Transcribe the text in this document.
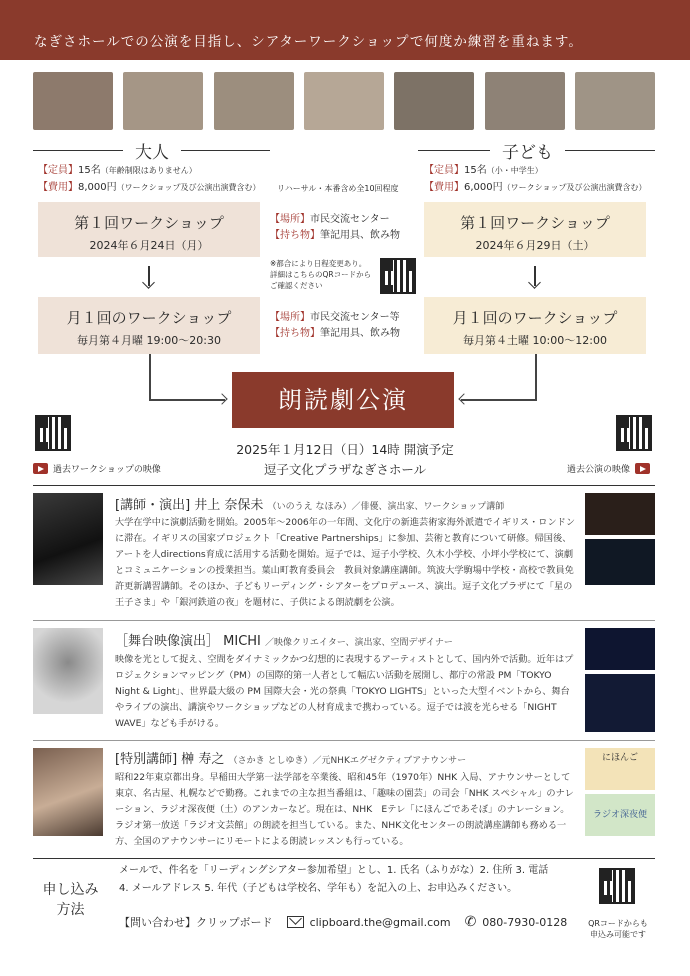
なぎさホールでの公演を目指し、シアターワークショップで何度か練習を重ねます。
大人	子ども
【定員】15名（年齢制限はありません）
【費用】8,000円（ワークショップ及び公演出演費含む） リハーサル・本番含め全10回程度
【定員】15名（小・中学生）
【費用】6,000円（ワークショップ及び公演出演費含む）
第１回ワークショップ
2024年６月24日（月）
第１回ワークショップ
2024年６月29日（土）
【場所】市民交流センター
【持ち物】筆記用具、飲み物
※都合により日程変更あり。
詳細はこちらのQRコードから
ご確認ください
月１回のワークショップ
毎月第４月曜 19:00～20:30
月１回のワークショップ
毎月第４土曜 10:00～12:00
【場所】市民交流センター等
【持ち物】筆記用具、飲み物
朗読劇公演
2025年１月12日（日）14時 開演予定
逗子文化プラザなぎさホール
過去ワークショップの映像	過去公演の映像
[講師・演出] 井上 奈保未 （いのうえ なほみ）／俳優、演出家、ワークショップ講師
大学在学中に演劇活動を開始。2005年～2006年の一年間、文化庁の新進芸術家海外派遣でイギリス・ロンドンに滞在。イギリスの国家プロジェクト「Creative Partnerships」に参加、芸術と教育について研修。帰国後、アートを人directions育成に活用する活動を開始。逗子では、逗子小学校、久木小学校、小坪小学校にて、演劇とコミュニケーションの授業担当。葉山町教育委員会　教員対象講座講師。筑波大学駒場中学校・高校で教員免許更新講習講師。そのほか、子どもリーディング・シアターをプロデュース、演出。逗子文化プラザにて「星の王子さま」や「銀河鉄道の夜」を題材に、子供による朗読劇を公演。
［舞台映像演出］ MICHI ／映像クリエイター、演出家、空間デザイナー
映像を光として捉え、空間をダイナミックかつ幻想的に表現するアーティストとして、国内外で活動。近年はプロジェクションマッピング（PM）の国際的第一人者として幅広い活動を展開し、都庁の常設 PM「TOKYO Night & Light」、世界最大級の PM 国際大会・光の祭典「TOKYO LIGHTS」といった大型イベントから、舞台やライブの演出、講演やワークショップなどの人材育成まで携わっている。逗子では波を光らせる「NIGHT WAVE」なども手がける。
[特別講師] 榊 寿之 （さかき としゆき）／元NHKエグゼクティブアナウンサー
昭和22年東京都出身。早稲田大学第一法学部を卒業後、昭和45年（1970年）NHK 入局、アナウンサーとして東京、名古屋、札幌などで勤務。これまでの主な担当番組は、「趣味の園芸」の司会「NHK スペシャル」のナレーション、ラジオ深夜便（土）のアンカーなど。現在は、NHK　Eテレ「にほんごであそぼ」のナレーション。ラジオ第一放送「ラジオ文芸館」の朗読を担当している。また、NHK文化センターの朗読講座講師も務める一方、全国のアナウンサーにリモートによる朗読レッスンも行っている。
にほんご
ラジオ深夜便
申し込み
方法
メールで、件名を「リーディングシアター参加希望」とし、1. 氏名（ふりがな）2. 住所 3. 電話
4. メールアドレス 5. 年代（子どもは学校名、学年も）を記入の上、お申込みください。
【問い合わせ】クリップボード	clipboard.the@gmail.com ✆ 080-7930-0128	QRコードからも
申込み可能です
